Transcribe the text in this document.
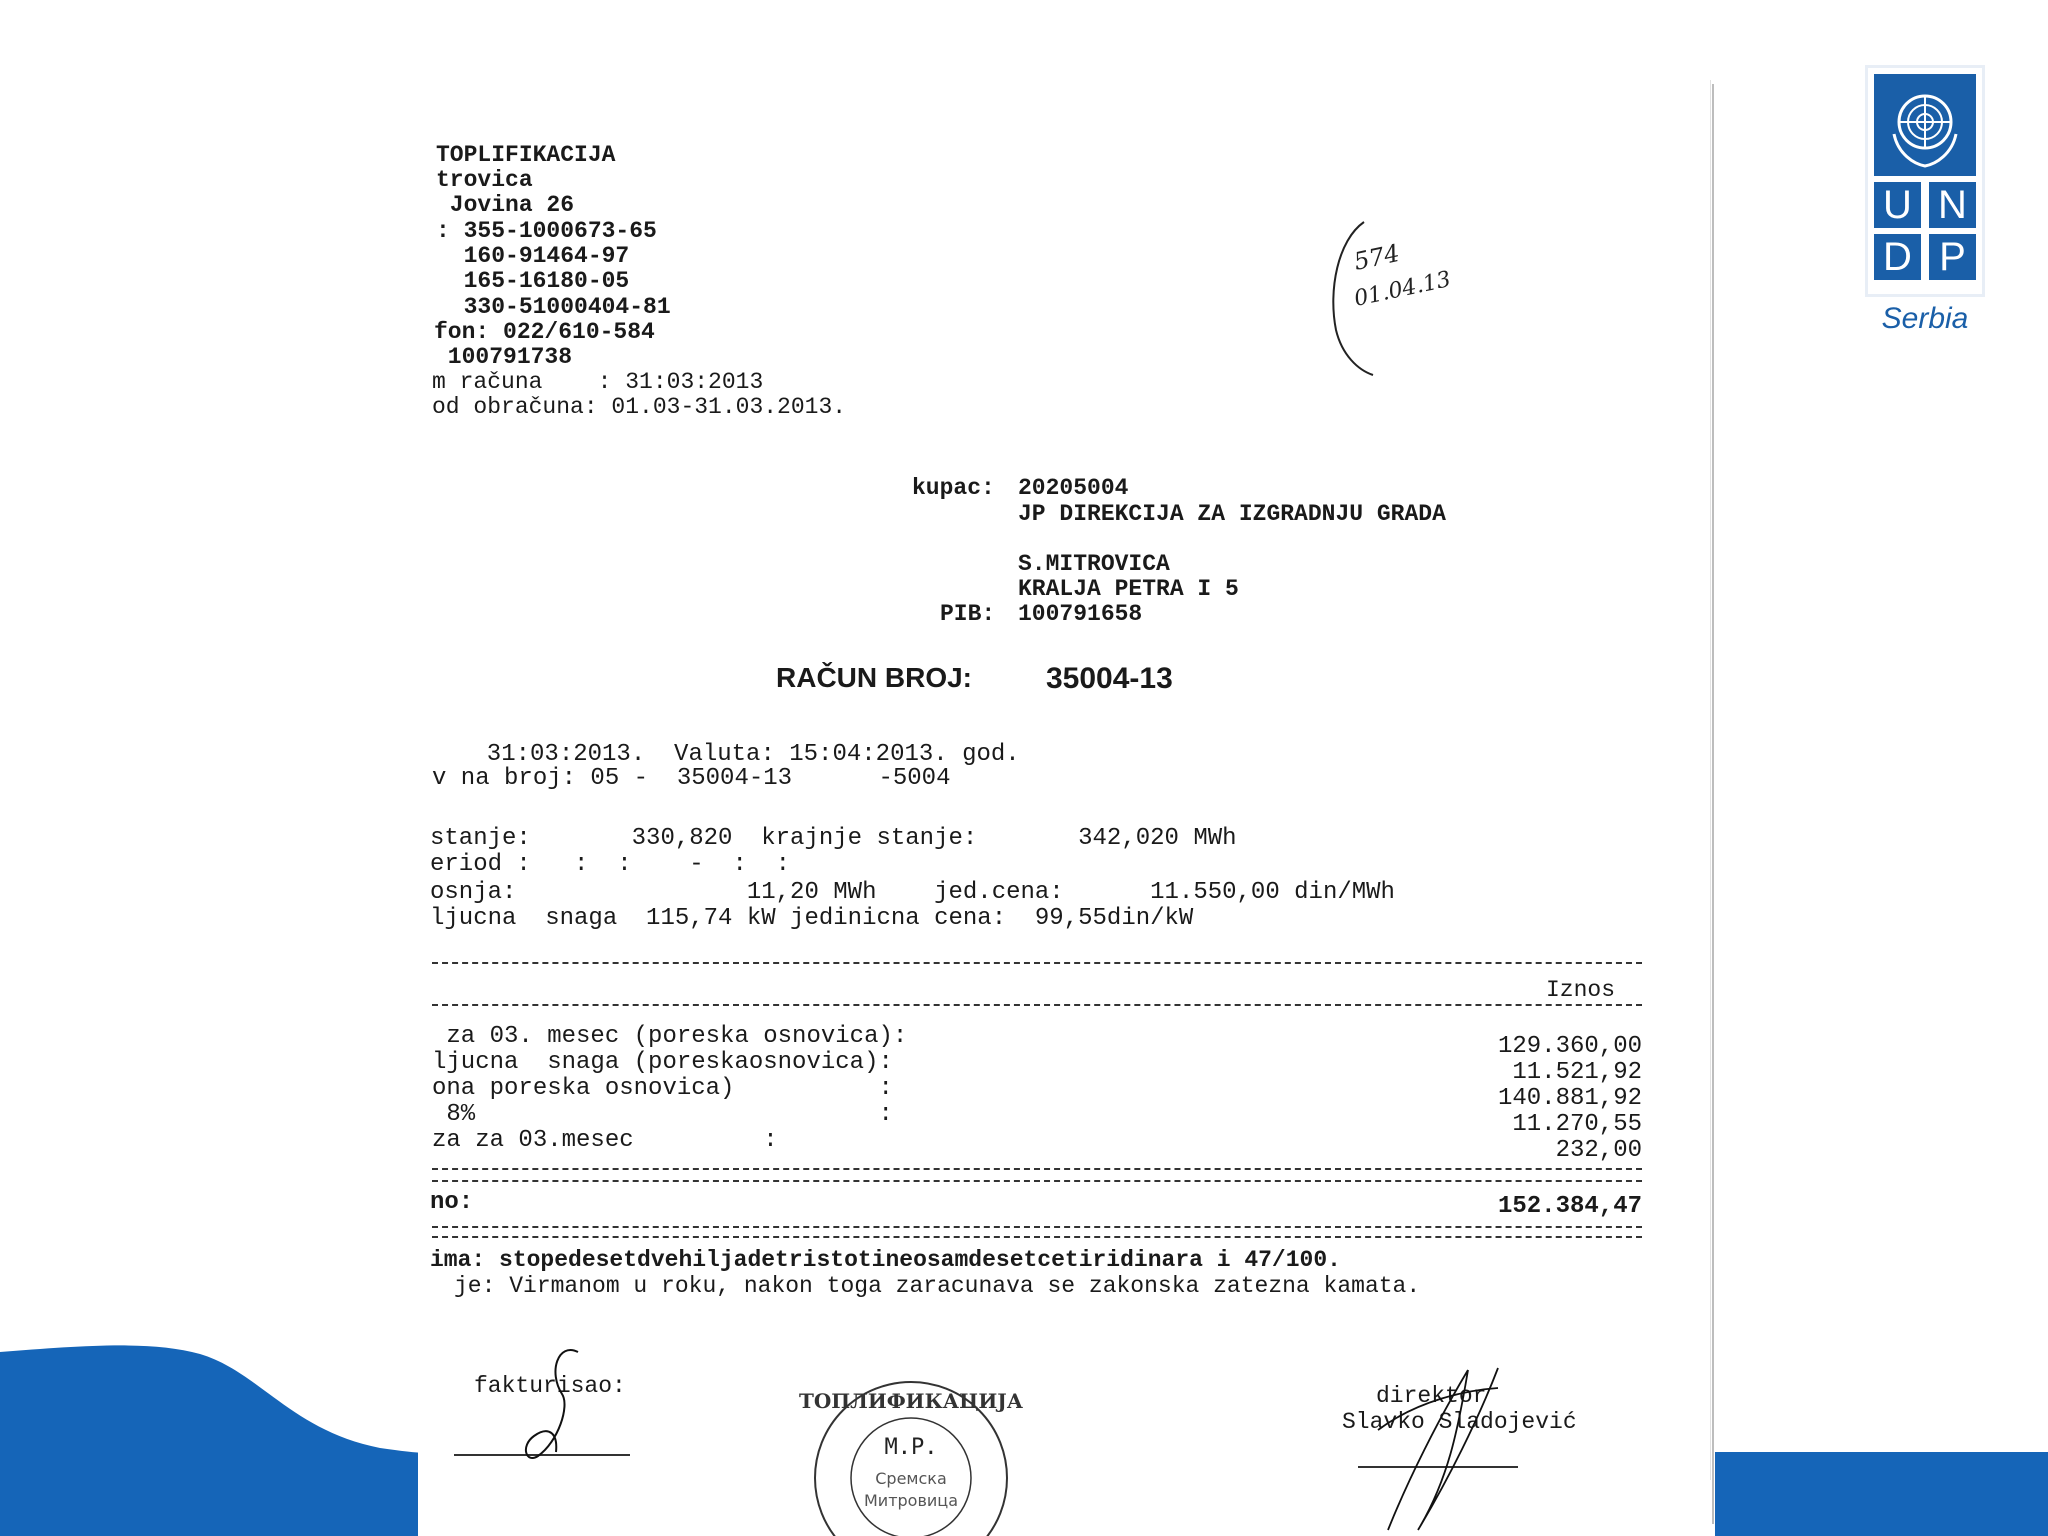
U N
D P
Serbia
TOPLIFIKACIJA
trovica
Jovina 26
: 355-1000673-65
160-91464-97
165-16180-05
330-51000404-81
fon: 022/610-584
100791738
m računa    : 31:03:2013
od obračuna: 01.03-31.03.2013.
574
01.04.13
kupac: 20205004
JP DIREKCIJA ZA IZGRADNJU GRADA
S.MITROVICA
KRALJA PETRA I 5
PIB: 100791658
RAČUN BROJ: 35004-13
31:03:2013.  Valuta: 15:04:2013. god.
v na broj: 05 -  35004-13      -5004
stanje:       330,820  krajnje stanje:       342,020 MWh
eriod :   :  :    -  :  :
osnja:                11,20 MWh    jed.cena:      11.550,00 din/MWh
ljucna  snaga  115,74 kW jedinicna cena:  99,55din/kW
Iznos
za 03. mesec (poreska osnovica):
ljucna  snaga (poreskaosnovica):
ona poreska osnovica)          :
8%                            :
za za 03.mesec         :
129.360,00
11.521,92
140.881,92
11.270,55
232,00
no:	152.384,47
ima: stopedesetdvehiljadetristotineosamdesetcetiridinara i 47/100.
je: Virmanom u roku, nakon toga zaracunava se zakonska zatezna kamata.
fakturisao:
ТОПЛИФИКАЦИЈА
M.P.
Сремска
Митровица
direktor
Slavko Sladojević
